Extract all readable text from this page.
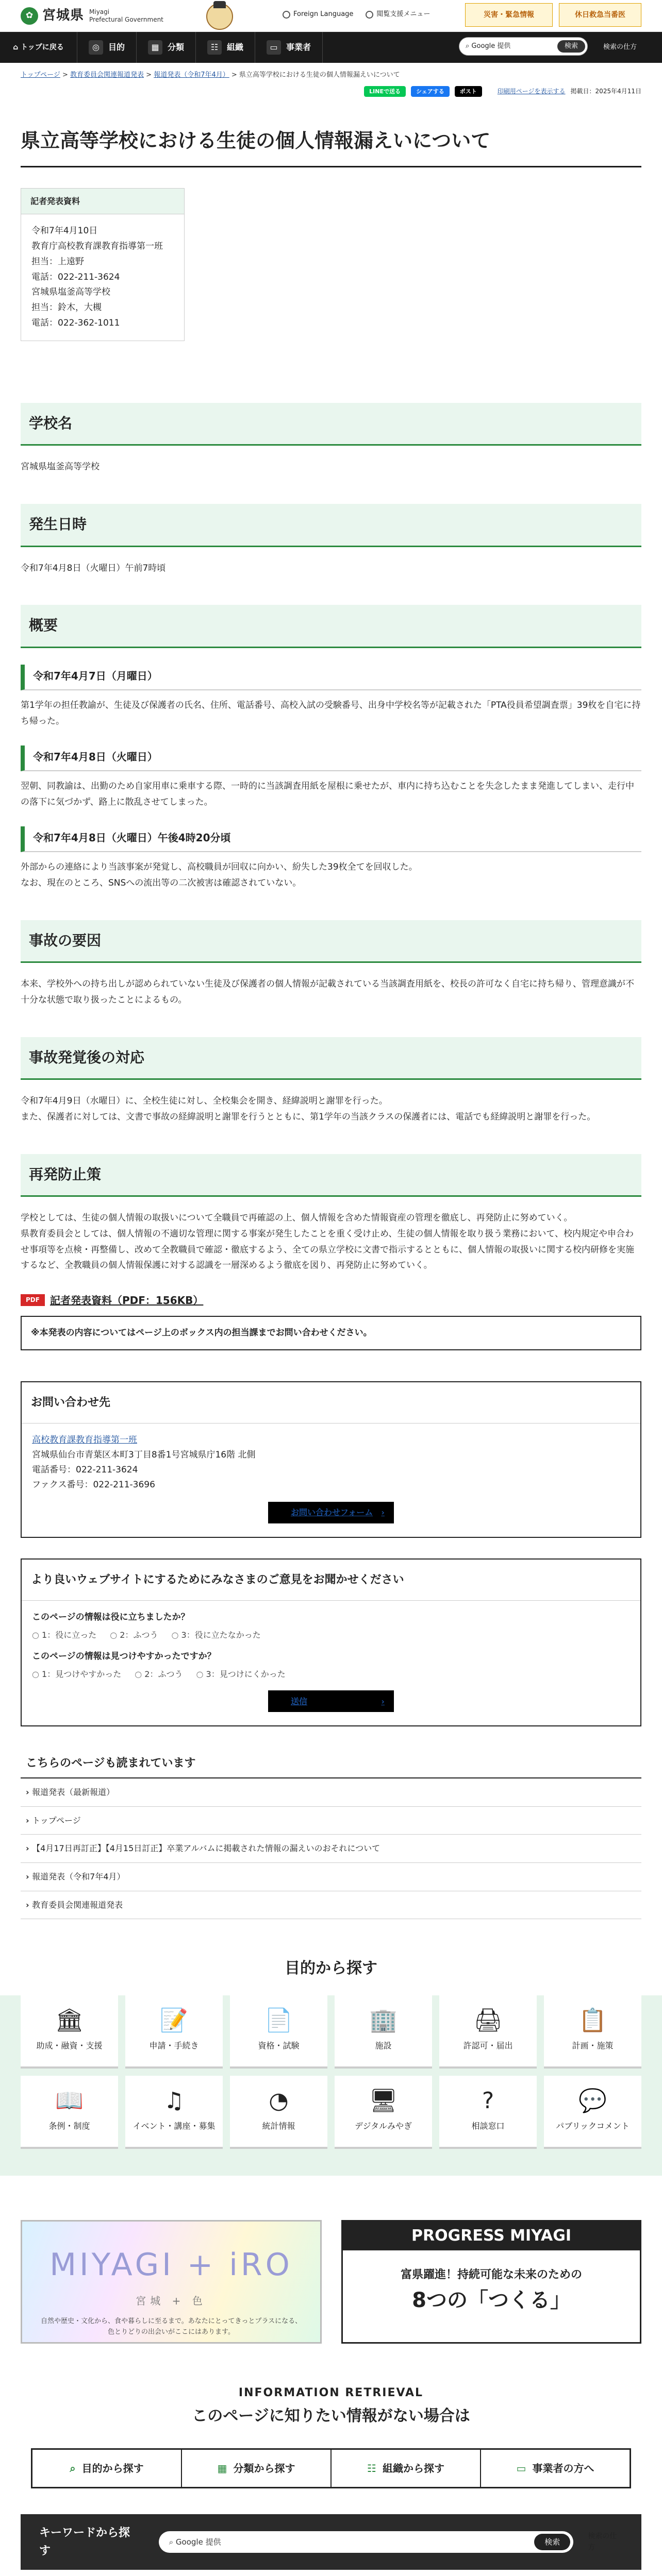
✿ 宮城県 Miyagi
Prefectural Government
Foreign Language	閲覧支援メニュー	災害・緊急情報	休日救急当番医
⌂ トップに戻る	◎	目的	▦	分類	☷	組織	▭	事業者	⌕ Google 提供	検索	検索の仕方
トップページ > 教育委員会関連報道発表 > 報道発表（令和7年4月） > 県立高等学校における生徒の個人情報漏えいについて
LINEで送る	シェアする	ポスト	印刷用ページを表示する 掲載日：2025年4月11日
県立高等学校における生徒の個人情報漏えいについて
記者発表資料
令和7年4月10日
教育庁高校教育課教育指導第一班
担当：上遠野
電話：022-211-3624
宮城県塩釜高等学校
担当：鈴木，大槻
電話：022-362-1011
学校名

宮城県塩釜高等学校

発生日時

令和7年4月8日（火曜日）午前7時頃

概要
令和7年4月7日（月曜日）

第1学年の担任教諭が、生徒及び保護者の氏名、住所、電話番号、高校入試の受験番号、出身中学校名等が記載された「PTA役員希望調査票」39枚を自宅に持ち帰った。

令和7年4月8日（火曜日）

翌朝、同教諭は、出勤のため自家用車に乗車する際、一時的に当該調査用紙を屋根に乗せたが、車内に持ち込むことを失念したまま発進してしまい、走行中の落下に気づかず、路上に散乱させてしまった。

令和7年4月8日（火曜日）午後4時20分頃

外部からの連絡により当該事案が発覚し、高校職員が回収に向かい、紛失した39枚全てを回収した。
なお、現在のところ、SNSへの流出等の二次被害は確認されていない。

事故の要因

本来、学校外への持ち出しが認められていない生徒及び保護者の個人情報が記載されている当該調査用紙を、校長の許可なく自宅に持ち帰り、管理意識が不十分な状態で取り扱ったことによるもの。

事故発覚後の対応

令和7年4月9日（水曜日）に、全校生徒に対し、全校集会を開き、経緯説明と謝罪を行った。
また、保護者に対しては、文書で事故の経緯説明と謝罪を行うとともに、第1学年の当該クラスの保護者には、電話でも経緯説明と謝罪を行った。

再発防止策

学校としては、生徒の個人情報の取扱いについて全職員で再確認の上、個人情報を含めた情報資産の管理を徹底し、再発防止に努めていく。
県教育委員会としては、個人情報の不適切な管理に関する事案が発生したことを重く受け止め、生徒の個人情報を取り扱う業務において、校内規定や申合わせ事項等を点検・再整備し、改めて全教職員で確認・徹底するよう、全ての県立学校に文書で指示するとともに、個人情報の取扱いに関する校内研修を実施するなど、全教職員の個人情報保護に対する認識を一層深めるよう徹底を図り、再発防止に努めていく。

PDF	記者発表資料（PDF：156KB）
※本発表の内容についてはページ上のボックス内の担当課までお問い合わせください。
お問い合わせ先
高校教育課教育指導第一班
宮城県仙台市青葉区本町3丁目8番1号宮城県庁16階 北側
電話番号：022-211-3624
ファクス番号：022-211-3696
お問い合わせフォーム ›
より良いウェブサイトにするためにみなさまのご意見をお聞かせください
このページの情報は役に立ちましたか？
○ 1：役に立った	○ 2：ふつう	○ 3：役に立たなかった
このページの情報は見つけやすかったですか？
○ 1：見つけやすかった	○ 2：ふつう	○ 3：見つけにくかった
送信	›
こちらのページも読まれています
› 報道発表（最新報道）
› トップページ
› 【4月17日再訂正】【4月15日訂正】卒業アルバムに掲載された情報の漏えいのおそれについて
› 報道発表（令和7年4月）
› 教育委員会関連報道発表
目的から探す
🏛
助成・融資・支援
📝
申請・手続き
📄
資格・試験
🏢
施設
🖨
許認可・届出
📋
計画・施策
📖
条例・制度
♫
イベント・講座・募集
◔
統計情報
🖥
デジタルみやぎ
?
相談窓口
💬
パブリックコメント
MIYAGI + iRO
宮城 + 色
自然や歴史・文化から、食や暮らしに至るまで。あなたにとってきっとプラスになる、色とりどりの出会いがここにはあります。
PROGRESS MIYAGI
富県躍進！持続可能な未来のための
8つの「つくる」
INFORMATION RETRIEVAL
このページに知りたい情報がない場合は
⌕ 目的から探す	▦ 分類から探す	☷ 組織から探す	▭ 事業者の方へ
キーワードから探す
⌕ Google 提供	検索
検索の仕方
